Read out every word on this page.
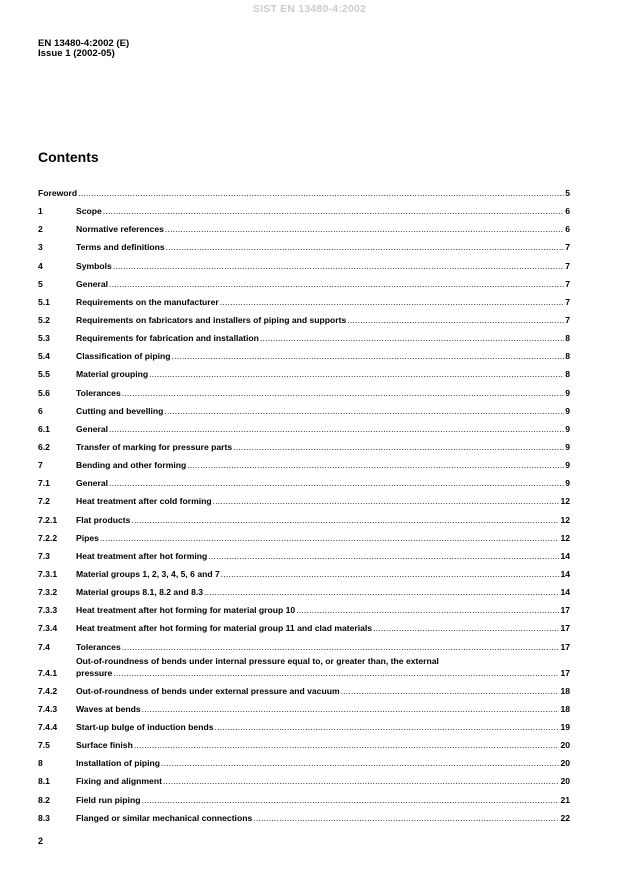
SIST EN 13480-4:2002
EN 13480-4:2002 (E)
Issue 1 (2002-05)
Contents
Foreword .....	5
1	Scope .....	6
2	Normative references .....	6
3	Terms and definitions .....	7
4	Symbols .....	7
5	General .....	7
5.1	Requirements on the manufacturer .....	7
5.2	Requirements on fabricators and installers of piping and supports .....	7
5.3	Requirements for fabrication and installation .....	8
5.4	Classification of piping .....	8
5.5	Material grouping .....	8
5.6	Tolerances .....	9
6	Cutting and bevelling .....	9
6.1	General .....	9
6.2	Transfer of marking for pressure parts .....	9
7	Bending and other forming .....	9
7.1	General .....	9
7.2	Heat treatment after cold forming .....	12
7.2.1	Flat products .....	12
7.2.2	Pipes .....	12
7.3	Heat treatment after hot forming .....	14
7.3.1	Material groups 1, 2, 3, 4, 5, 6 and 7 .....	14
7.3.2	Material groups 8.1, 8.2 and 8.3 .....	14
7.3.3	Heat treatment after hot forming for material group 10 .....	17
7.3.4	Heat treatment after hot forming for material group 11 and clad materials .....	17
7.4	Tolerances .....	17
Out-of-roundness of bends under internal pressure equal to, or greater than, the external
7.4.1	pressure .....	17
7.4.2	Out-of-roundness of bends under external pressure and vacuum .....	18
7.4.3	Waves at bends .....	18
7.4.4	Start-up bulge of induction bends .....	19
7.5	Surface finish .....	20
8	Installation of piping .....	20
8.1	Fixing and alignment .....	20
8.2	Field run piping .....	21
8.3	Flanged or similar mechanical connections .....	22
2
